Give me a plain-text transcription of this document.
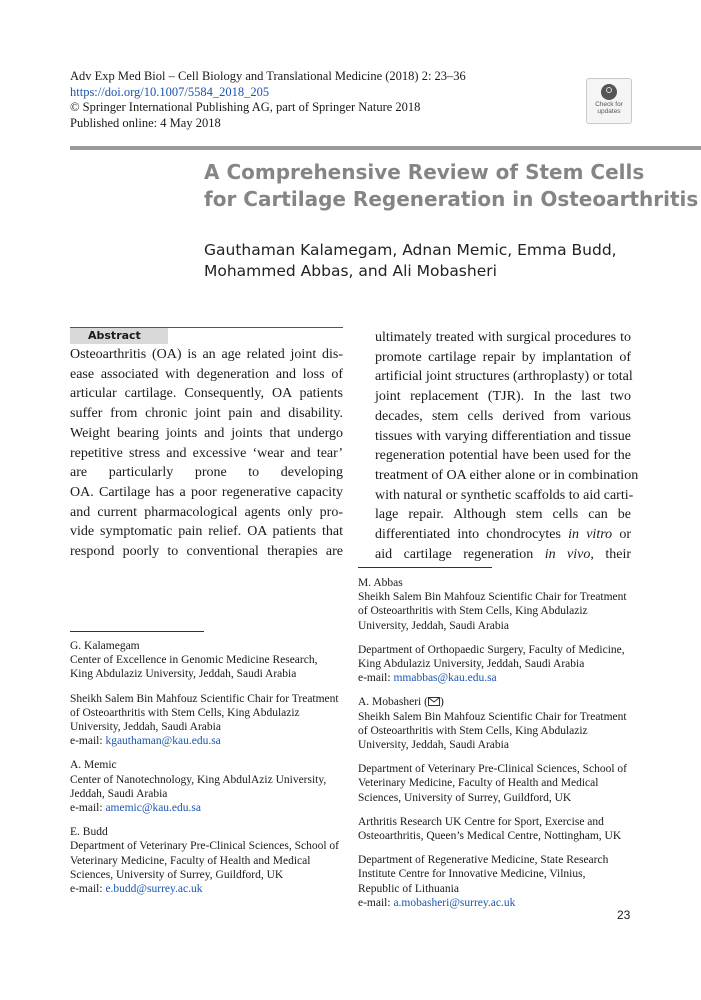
Adv Exp Med Biol – Cell Biology and Translational Medicine (2018) 2: 23–36
https://doi.org/10.1007/5584_2018_205
© Springer International Publishing AG, part of Springer Nature 2018
Published online: 4 May 2018
Check for
updates
A Comprehensive Review of Stem Cells
for Cartilage Regeneration in Osteoarthritis
Gauthaman Kalamegam, Adnan Memic, Emma Budd,
Mohammed Abbas, and Ali Mobasheri
Abstract
Osteoarthritis (OA) is an age related joint dis-
ease associated with degeneration and loss of
articular cartilage. Consequently, OA patients
suffer from chronic joint pain and disability.
Weight bearing joints and joints that undergo
repetitive stress and excessive ‘wear and tear’
are particularly prone to developing
OA. Cartilage has a poor regenerative capacity
and current pharmacological agents only pro-
vide symptomatic pain relief. OA patients that
respond poorly to conventional therapies are
ultimately treated with surgical procedures to
promote cartilage repair by implantation of
artificial joint structures (arthroplasty) or total
joint replacement (TJR). In the last two
decades, stem cells derived from various
tissues with varying differentiation and tissue
regeneration potential have been used for the
treatment of OA either alone or in combination
with natural or synthetic scaffolds to aid carti-
lage repair. Although stem cells can be
differentiated into chondrocytes in vitro or
aid cartilage regeneration in vivo, their
G. Kalamegam
Center of Excellence in Genomic Medicine Research,
King Abdulaziz University, Jeddah, Saudi Arabia
Sheikh Salem Bin Mahfouz Scientific Chair for Treatment
of Osteoarthritis with Stem Cells, King Abdulaziz
University, Jeddah, Saudi Arabia
e-mail: kgauthaman@kau.edu.sa
A. Memic
Center of Nanotechnology, King AbdulAziz University,
Jeddah, Saudi Arabia
e-mail: amemic@kau.edu.sa
E. Budd
Department of Veterinary Pre-Clinical Sciences, School of
Veterinary Medicine, Faculty of Health and Medical
Sciences, University of Surrey, Guildford, UK
e-mail: e.budd@surrey.ac.uk
M. Abbas
Sheikh Salem Bin Mahfouz Scientific Chair for Treatment
of Osteoarthritis with Stem Cells, King Abdulaziz
University, Jeddah, Saudi Arabia
Department of Orthopaedic Surgery, Faculty of Medicine,
King Abdulaziz University, Jeddah, Saudi Arabia
e-mail: mmabbas@kau.edu.sa
A. Mobasheri ( )
Sheikh Salem Bin Mahfouz Scientific Chair for Treatment
of Osteoarthritis with Stem Cells, King Abdulaziz
University, Jeddah, Saudi Arabia
Department of Veterinary Pre-Clinical Sciences, School of
Veterinary Medicine, Faculty of Health and Medical
Sciences, University of Surrey, Guildford, UK
Arthritis Research UK Centre for Sport, Exercise and
Osteoarthritis, Queen’s Medical Centre, Nottingham, UK
Department of Regenerative Medicine, State Research
Institute Centre for Innovative Medicine, Vilnius,
Republic of Lithuania
e-mail: a.mobasheri@surrey.ac.uk
23
